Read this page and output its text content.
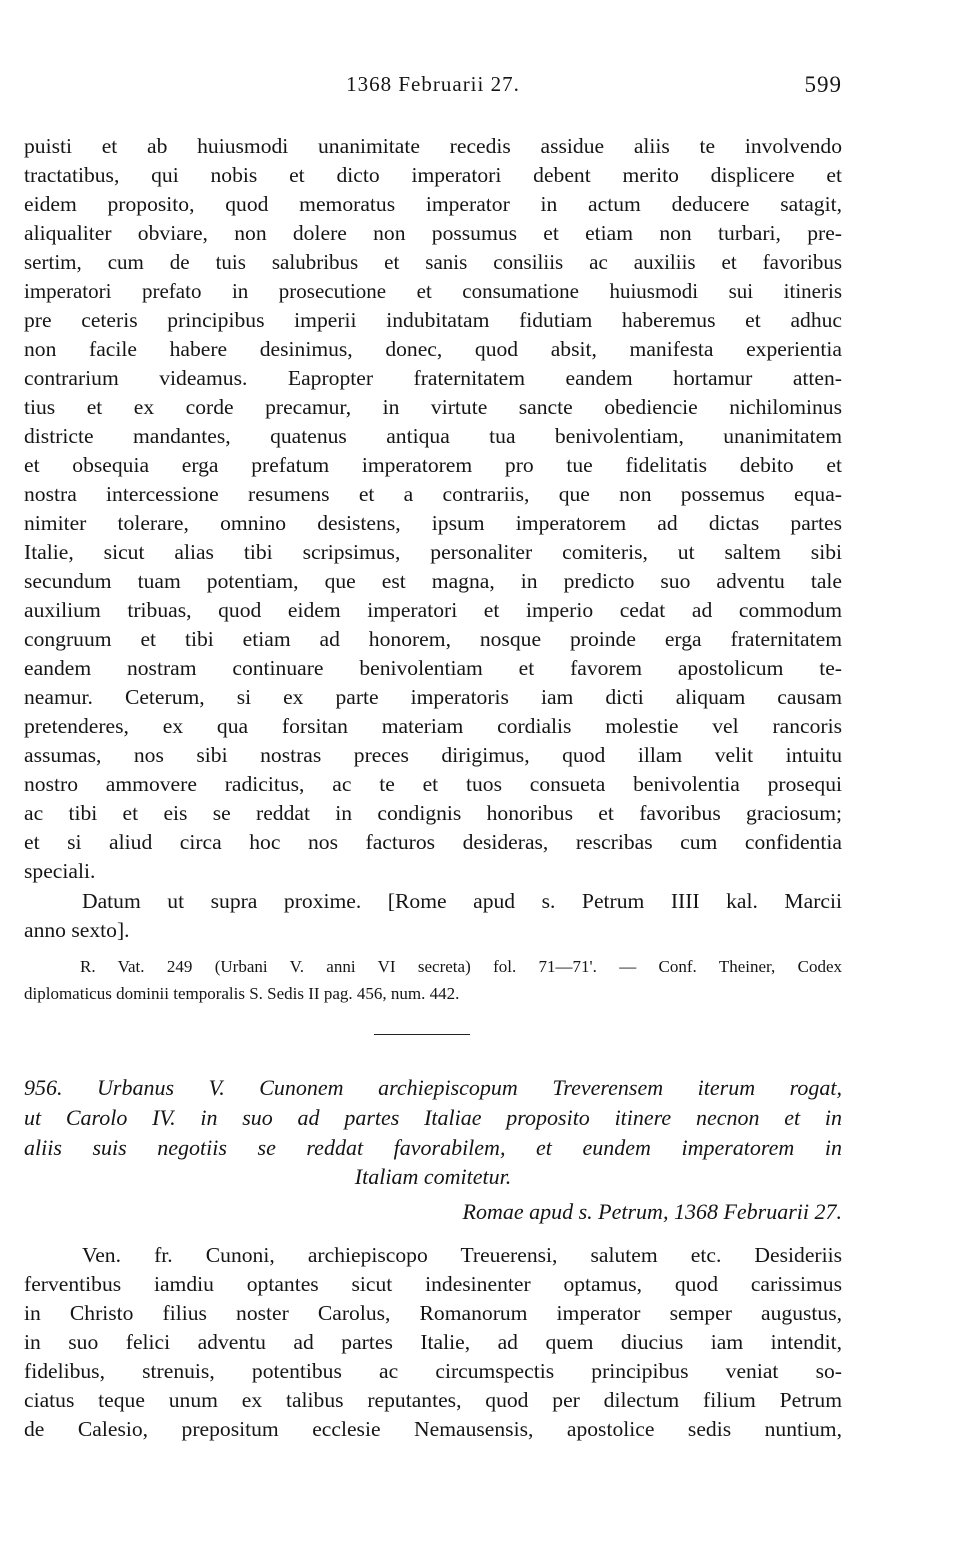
1368 Februarii 27.	599
puisti et ab huiusmodi unanimitate recedis assidue aliis te involvendo
tractatibus, qui nobis et dicto imperatori debent merito displicere et
eidem proposito, quod memoratus imperator in actum deducere satagit,
aliqualiter obviare, non dolere non possumus et etiam non turbari, pre-
sertim, cum de tuis salubribus et sanis consiliis ac auxiliis et favoribus
imperatori prefato in prosecutione et consumatione huiusmodi sui itineris
pre ceteris principibus imperii indubitatam fidutiam haberemus et adhuc
non facile habere desinimus, donec, quod absit, manifesta experientia
contrarium videamus. Eapropter fraternitatem eandem hortamur atten-
tius et ex corde precamur, in virtute sancte obediencie nichilominus
districte mandantes, quatenus antiqua tua benivolentiam, unanimitatem
et obsequia erga prefatum imperatorem pro tue fidelitatis debito et
nostra intercessione resumens et a contrariis, que non possemus equa-
nimiter tolerare, omnino desistens, ipsum imperatorem ad dictas partes
Italie, sicut alias tibi scripsimus, personaliter comiteris, ut saltem sibi
secundum tuam potentiam, que est magna, in predicto suo adventu tale
auxilium tribuas, quod eidem imperatori et imperio cedat ad commodum
congruum et tibi etiam ad honorem, nosque proinde erga fraternitatem
eandem nostram continuare benivolentiam et favorem apostolicum te-
neamur. Ceterum, si ex parte imperatoris iam dicti aliquam causam
pretenderes, ex qua forsitan materiam cordialis molestie vel rancoris
assumas, nos sibi nostras preces dirigimus, quod illam velit intuitu
nostro ammovere radicitus, ac te et tuos consueta benivolentia prosequi
ac tibi et eis se reddat in condignis honoribus et favoribus graciosum;
et si aliud circa hoc nos facturos desideras, rescribas cum confidentia
speciali.
Datum ut supra proxime. [Rome apud s. Petrum IIII kal. Marcii
anno sexto].
R. Vat. 249 (Urbani V. anni VI secreta) fol. 71—71'. — Conf. Theiner, Codex
diplomaticus dominii temporalis S. Sedis II pag. 456, num. 442.
956. Urbanus V. Cunonem archiepiscopum Treverensem iterum rogat,
ut Carolo IV. in suo ad partes Italiae proposito itinere necnon et in
aliis suis negotiis se reddat favorabilem, et eundem imperatorem in
Italiam comitetur.
Romae apud s. Petrum, 1368 Februarii 27.
Ven. fr. Cunoni, archiepiscopo Treuerensi, salutem etc. Desideriis
ferventibus iamdiu optantes sicut indesinenter optamus, quod carissimus
in Christo filius noster Carolus, Romanorum imperator semper augustus,
in suo felici adventu ad partes Italie, ad quem diucius iam intendit,
fidelibus, strenuis, potentibus ac circumspectis principibus veniat so-
ciatus teque unum ex talibus reputantes, quod per dilectum filium Petrum
de Calesio, prepositum ecclesie Nemausensis, apostolice sedis nuntium,
